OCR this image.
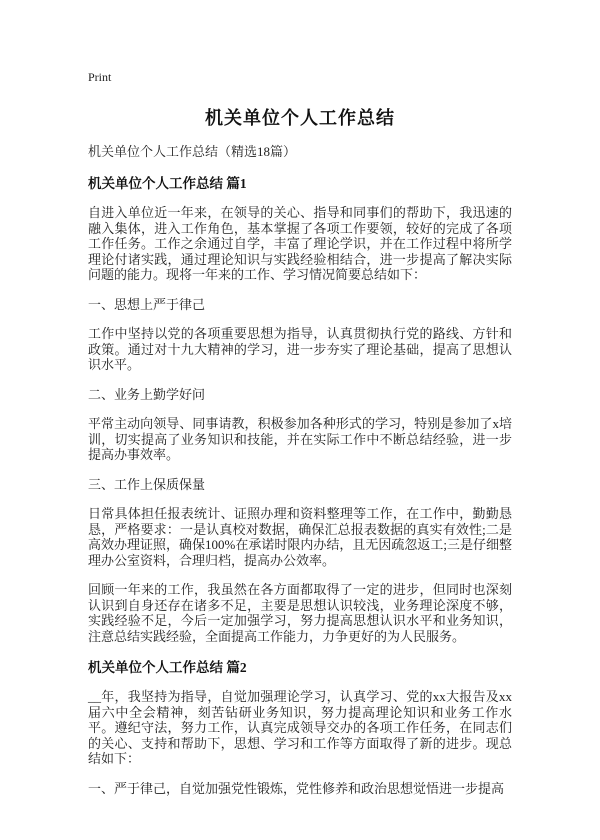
Print
机关单位个人工作总结
机关单位个人工作总结（精选18篇）
机关单位个人工作总结 篇1

自进入单位近一年来，在领导的关心、指导和同事们的帮助下，我迅速的融入集体，进入工作角色，基本掌握了各项工作要领，较好的完成了各项工作任务。工作之余通过自学，丰富了理论学识，并在工作过程中将所学理论付诸实践，通过理论知识与实践经验相结合，进一步提高了解决实际问题的能力。现将一年来的工作、学习情况简要总结如下：

一、思想上严于律己

工作中坚持以党的各项重要思想为指导，认真贯彻执行党的路线、方针和政策。通过对十九大精神的学习，进一步夯实了理论基础，提高了思想认识水平。

二、业务上勤学好问

平常主动向领导、同事请教，积极参加各种形式的学习，特别是参加了x培训，切实提高了业务知识和技能，并在实际工作中不断总结经验，进一步提高办事效率。

三、工作上保质保量

日常具体担任报表统计、证照办理和资料整理等工作，在工作中，勤勤恳恳，严格要求：一是认真校对数据，确保汇总报表数据的真实有效性;二是高效办理证照，确保100%在承诺时限内办结，且无因疏忽返工;三是仔细整理办公室资料，合理归档，提高办公效率。

回顾一年来的工作，我虽然在各方面都取得了一定的进步，但同时也深刻认识到自身还存在诸多不足，主要是思想认识较浅，业务理论深度不够，实践经验不足，今后一定加强学习，努力提高思想认识水平和业务知识，注意总结实践经验，全面提高工作能力，力争更好的为人民服务。

机关单位个人工作总结 篇2

__年，我坚持为指导，自觉加强理论学习，认真学习、党的xx大报告及xx届六中全会精神，刻苦钻研业务知识，努力提高理论知识和业务工作水平。遵纪守法，努力工作，认真完成领导交办的各项工作任务，在同志们的关心、支持和帮助下，思想、学习和工作等方面取得了新的进步。现总结如下：

一、严于律己，自觉加强党性锻炼，党性修养和政治思想觉悟进一步提高
